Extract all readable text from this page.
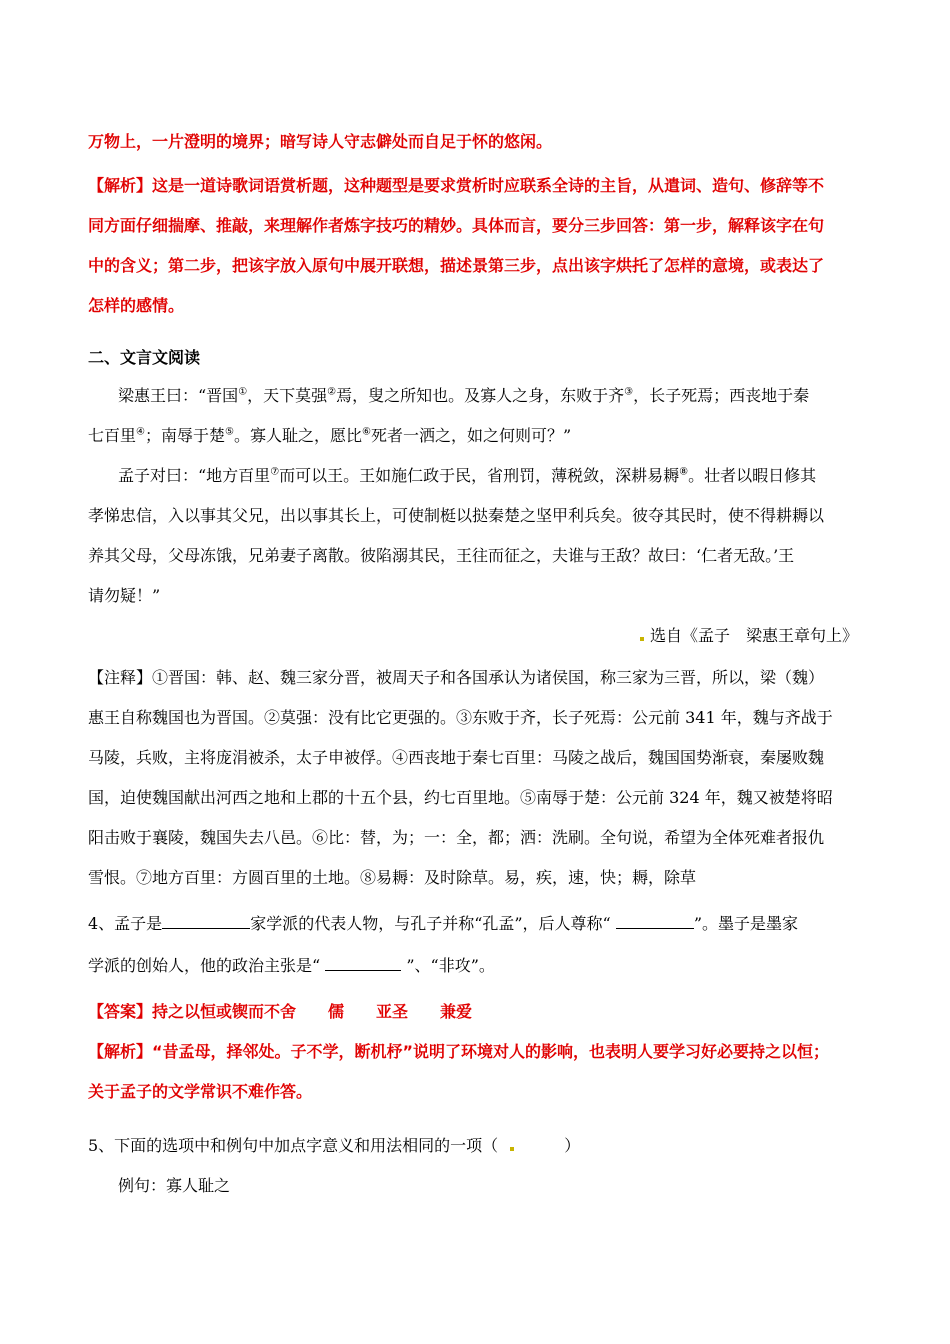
万物上，一片澄明的境界；暗写诗人守志僻处而自足于怀的悠闲。
【解析】这是一道诗歌词语赏析题，这种题型是要求赏析时应联系全诗的主旨，从遣词、造句、修辞等不
同方面仔细揣摩、推敲，来理解作者炼字技巧的精妙。具体而言，要分三步回答：第一步，解释该字在句
中的含义；第二步，把该字放入原句中展开联想，描述景第三步，点出该字烘托了怎样的意境，或表达了
怎样的感情。
二、文言文阅读
梁惠王曰：“晋国①，天下莫强②焉，叟之所知也。及寡人之身，东败于齐③，长子死焉；西丧地于秦
七百里④；南辱于楚⑤。寡人耻之，愿比⑥死者一洒之，如之何则可？”
孟子对曰：“地方百里⑦而可以王。王如施仁政于民，省刑罚，薄税敛，深耕易耨⑧。壮者以暇日修其
孝悌忠信，入以事其父兄，出以事其长上，可使制梃以挞秦楚之坚甲利兵矣。彼夺其民时，使不得耕耨以
养其父母，父母冻饿，兄弟妻子离散。彼陷溺其民，王往而征之，夫谁与王敌？故曰：‘仁者无敌。’王
请勿疑！”
选自《孟子　梁惠王章句上》
【注释】①晋国：韩、赵、魏三家分晋，被周天子和各国承认为诸侯国，称三家为三晋，所以，梁（魏）
惠王自称魏国也为晋国。②莫强：没有比它更强的。③东败于齐，长子死焉：公元前 341 年，魏与齐战于
马陵，兵败，主将庞涓被杀，太子申被俘。④西丧地于秦七百里：马陵之战后，魏国国势渐衰，秦屡败魏
国，迫使魏国献出河西之地和上郡的十五个县，约七百里地。⑤南辱于楚：公元前 324 年，魏又被楚将昭
阳击败于襄陵，魏国失去八邑。⑥比：替，为；一：全，都；洒：洗刷。全句说，希望为全体死难者报仇
雪恨。⑦地方百里：方圆百里的土地。⑧易耨：及时除草。易，疾，速，快；耨，除草
4、孟子是	家学派的代表人物，与孔子并称“孔孟”，后人尊称“	”。墨子是墨家
学派的创始人，他的政治主张是“	”、“非攻”。
【答案】持之以恒或锲而不舍　　儒　　亚圣　　兼爱
【解析】“昔孟母，择邻处。子不学，断机杼”说明了环境对人的影响，也表明人要学习好必要持之以恒；
关于孟子的文学常识不难作答。
5、下面的选项中和例句中加点字意义和用法相同的一项（	）
例句：寡人耻之
